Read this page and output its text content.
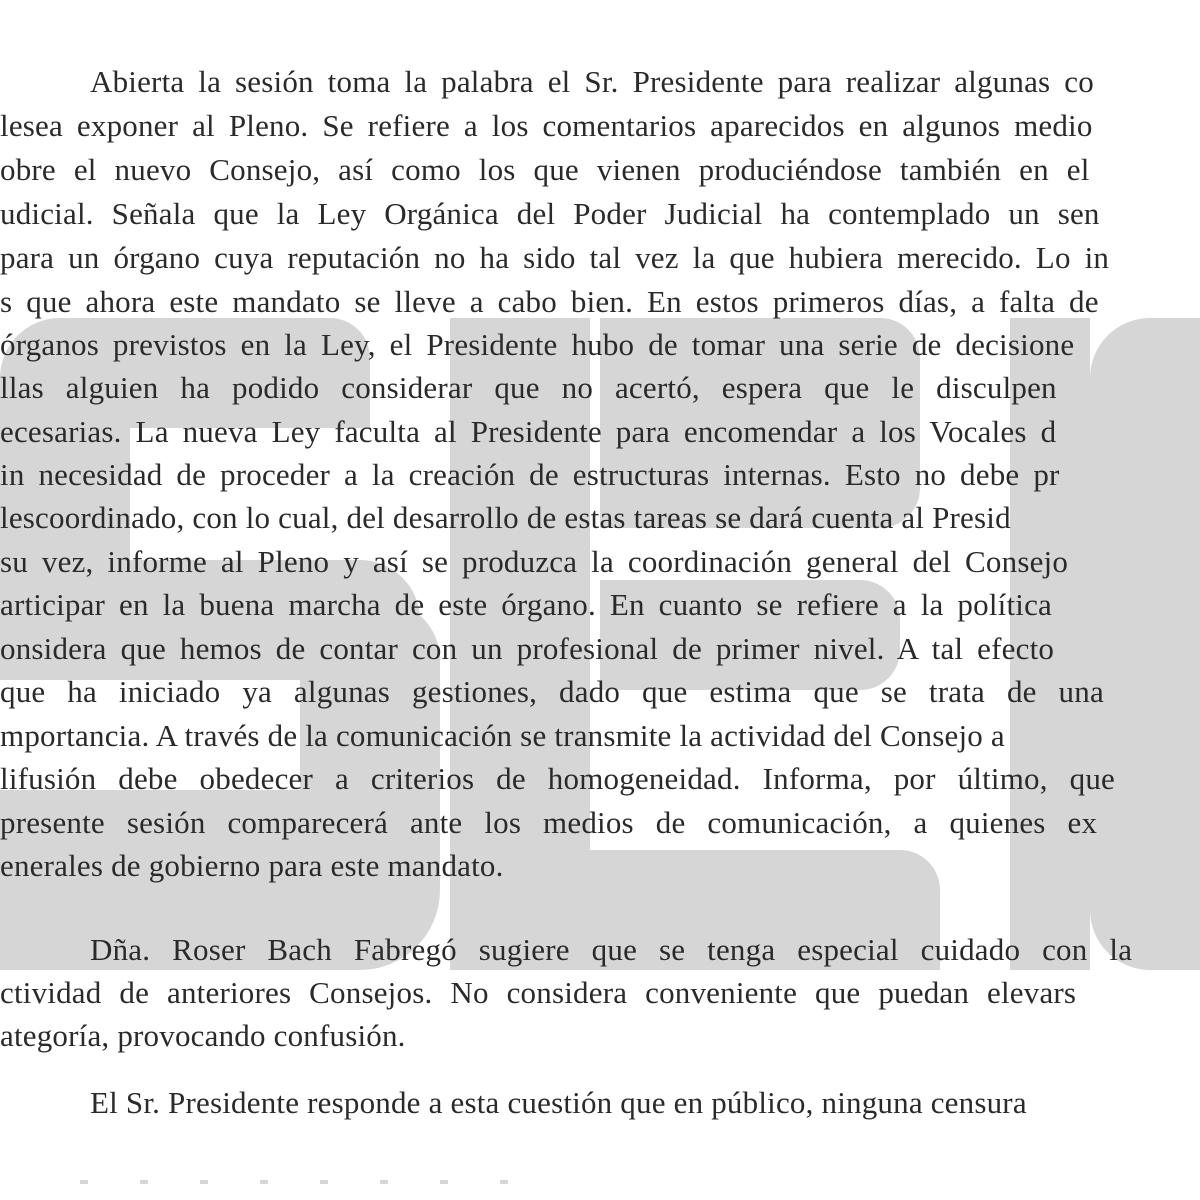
Abierta la sesión toma la palabra el Sr. Presidente para realizar algunas co
lesea exponer al Pleno. Se refiere a los comentarios aparecidos en algunos medio
obre el nuevo Consejo, así como los que vienen produciéndose también en el
udicial. Señala que la Ley Orgánica del Poder Judicial ha contemplado un sen
para un órgano cuya reputación no ha sido tal vez la que hubiera merecido. Lo in
s que ahora este mandato se lleve a cabo bien. En estos primeros días, a falta de
órganos previstos en la Ley, el Presidente hubo de tomar una serie de decisione
llas alguien ha podido considerar que no acertó, espera que le disculpen
ecesarias. La nueva Ley faculta al Presidente para encomendar a los Vocales d
in necesidad de proceder a la creación de estructuras internas. Esto no debe pr
lescoordinado, con lo cual, del desarrollo de estas tareas se dará cuenta al Presid
su vez, informe al Pleno y así se produzca la coordinación general del Consejo
articipar en la buena marcha de este órgano. En cuanto se refiere a la política
onsidera que hemos de contar con un profesional de primer nivel. A tal efecto
que ha iniciado ya algunas gestiones, dado que estima que se trata de una
mportancia. A través de la comunicación se transmite la actividad del Consejo a
lifusión debe obedecer a criterios de homogeneidad. Informa, por último, que
presente sesión comparecerá ante los medios de comunicación, a quienes ex
enerales de gobierno para este mandato.
Dña. Roser Bach Fabregó sugiere que se tenga especial cuidado con la
ctividad de anteriores Consejos. No considera conveniente que puedan elevars
ategoría, provocando confusión.
El Sr. Presidente responde a esta cuestión que en público, ninguna censura
